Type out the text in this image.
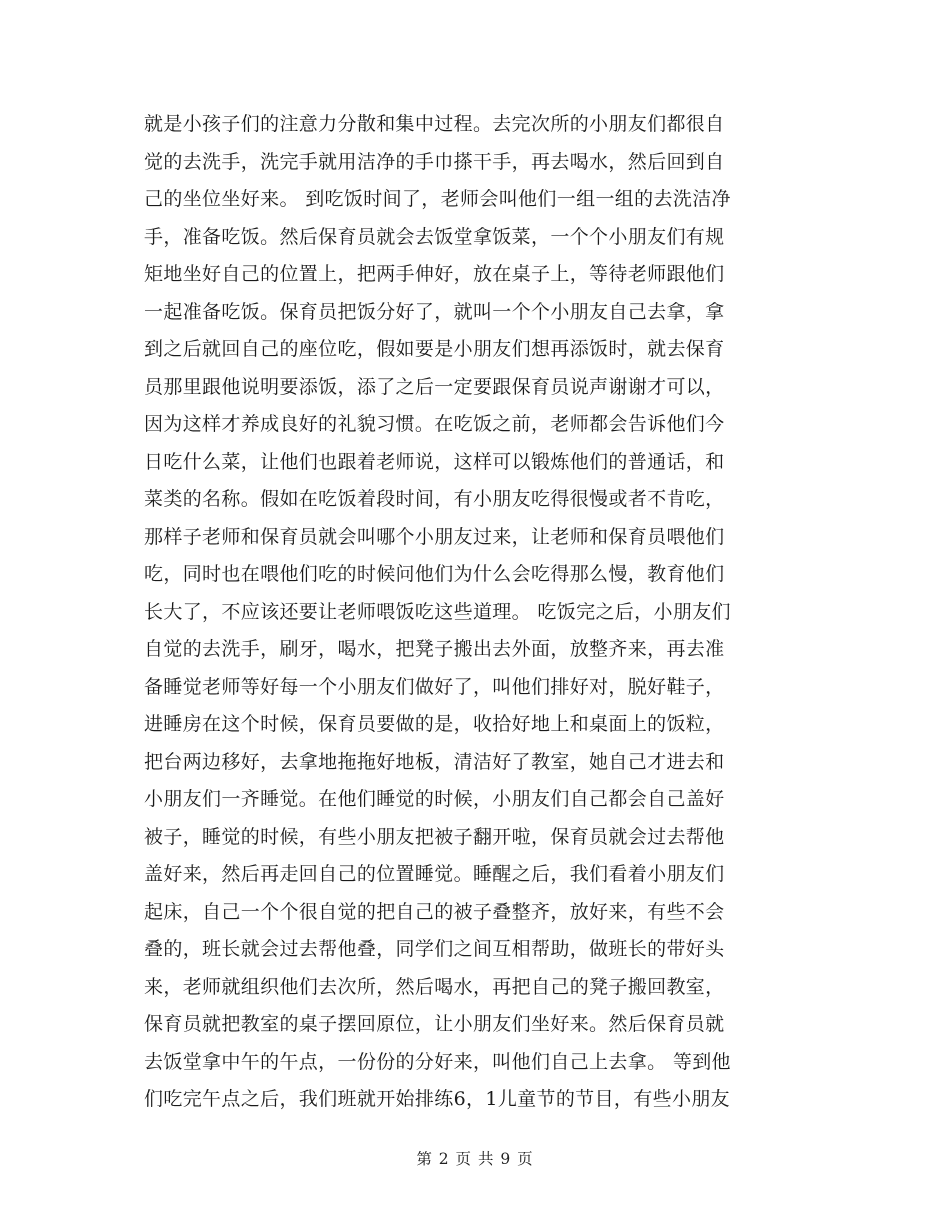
就是小孩子们的注意力分散和集中过程。去完次所的小朋友们都很自
觉的去洗手，洗完手就用洁净的手巾搽干手，再去喝水，然后回到自
己的坐位坐好来。 到吃饭时间了，老师会叫他们一组一组的去洗洁净
手，准备吃饭。然后保育员就会去饭堂拿饭菜，一个个小朋友们有规
矩地坐好自己的位置上，把两手伸好，放在桌子上，等待老师跟他们
一起准备吃饭。保育员把饭分好了，就叫一个个小朋友自己去拿，拿
到之后就回自己的座位吃，假如要是小朋友们想再添饭时，就去保育
员那里跟他说明要添饭，添了之后一定要跟保育员说声谢谢才可以，
因为这样才养成良好的礼貌习惯。在吃饭之前，老师都会告诉他们今
日吃什么菜，让他们也跟着老师说，这样可以锻炼他们的普通话，和
菜类的名称。假如在吃饭着段时间，有小朋友吃得很慢或者不肯吃，
那样子老师和保育员就会叫哪个小朋友过来，让老师和保育员喂他们
吃，同时也在喂他们吃的时候问他们为什么会吃得那么慢，教育他们
长大了，不应该还要让老师喂饭吃这些道理。 吃饭完之后，小朋友们
自觉的去洗手，刷牙，喝水，把凳子搬出去外面，放整齐来，再去准
备睡觉老师等好每一个小朋友们做好了，叫他们排好对，脱好鞋子，
进睡房在这个时候，保育员要做的是，收拾好地上和桌面上的饭粒，
把台两边移好，去拿地拖拖好地板，清洁好了教室，她自己才进去和
小朋友们一齐睡觉。在他们睡觉的时候，小朋友们自己都会自己盖好
被子，睡觉的时候，有些小朋友把被子翻开啦，保育员就会过去帮他
盖好来，然后再走回自己的位置睡觉。睡醒之后，我们看着小朋友们
起床，自己一个个很自觉的把自己的被子叠整齐，放好来，有些不会
叠的，班长就会过去帮他叠，同学们之间互相帮助，做班长的带好头
来，老师就组织他们去次所，然后喝水，再把自己的凳子搬回教室，
保育员就把教室的桌子摆回原位，让小朋友们坐好来。然后保育员就
去饭堂拿中午的午点，一份份的分好来，叫他们自己上去拿。 等到他
们吃完午点之后，我们班就开始排练6，1儿童节的节目，有些小朋友
第 2 页 共 9 页
